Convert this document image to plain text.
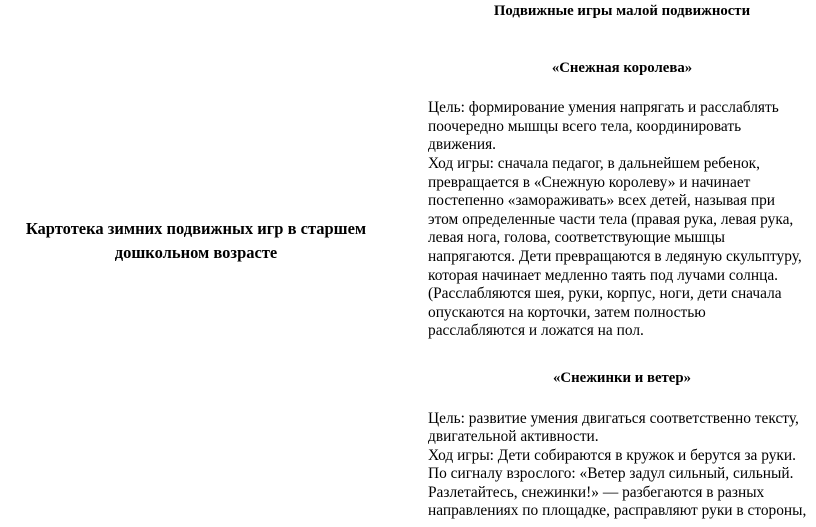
Картотека зимних подвижных игр в старшем
дошкольном возрасте
Подвижные игры малой подвижности
«Снежная королева»

Цель: формирование умения напрягать и расслаблять
поочередно мышцы всего тела, координировать
движения.
Ход игры: сначала педагог, в дальнейшем ребенок,
превращается в «Снежную королеву» и начинает
постепенно «замораживать» всех детей, называя при
этом определенные части тела (правая рука, левая рука,
левая нога, голова, соответствующие мышцы
напрягаются. Дети превращаются в ледяную скульптуру,
которая начинает медленно таять под лучами солнца.
(Расслабляются шея, руки, корпус, ноги, дети сначала
опускаются на корточки, затем полностью
расслабляются и ложатся на пол.

«Снежинки и ветер»

Цель: развитие умения двигаться соответственно тексту,
двигательной активности.
Ход игры: Дети собираются в кружок и берутся за руки.
По сигналу взрослого: «Ветер задул сильный, сильный.
Разлетайтесь, снежинки!» — разбегаются в разных
направлениях по площадке, расправляют руки в стороны,
